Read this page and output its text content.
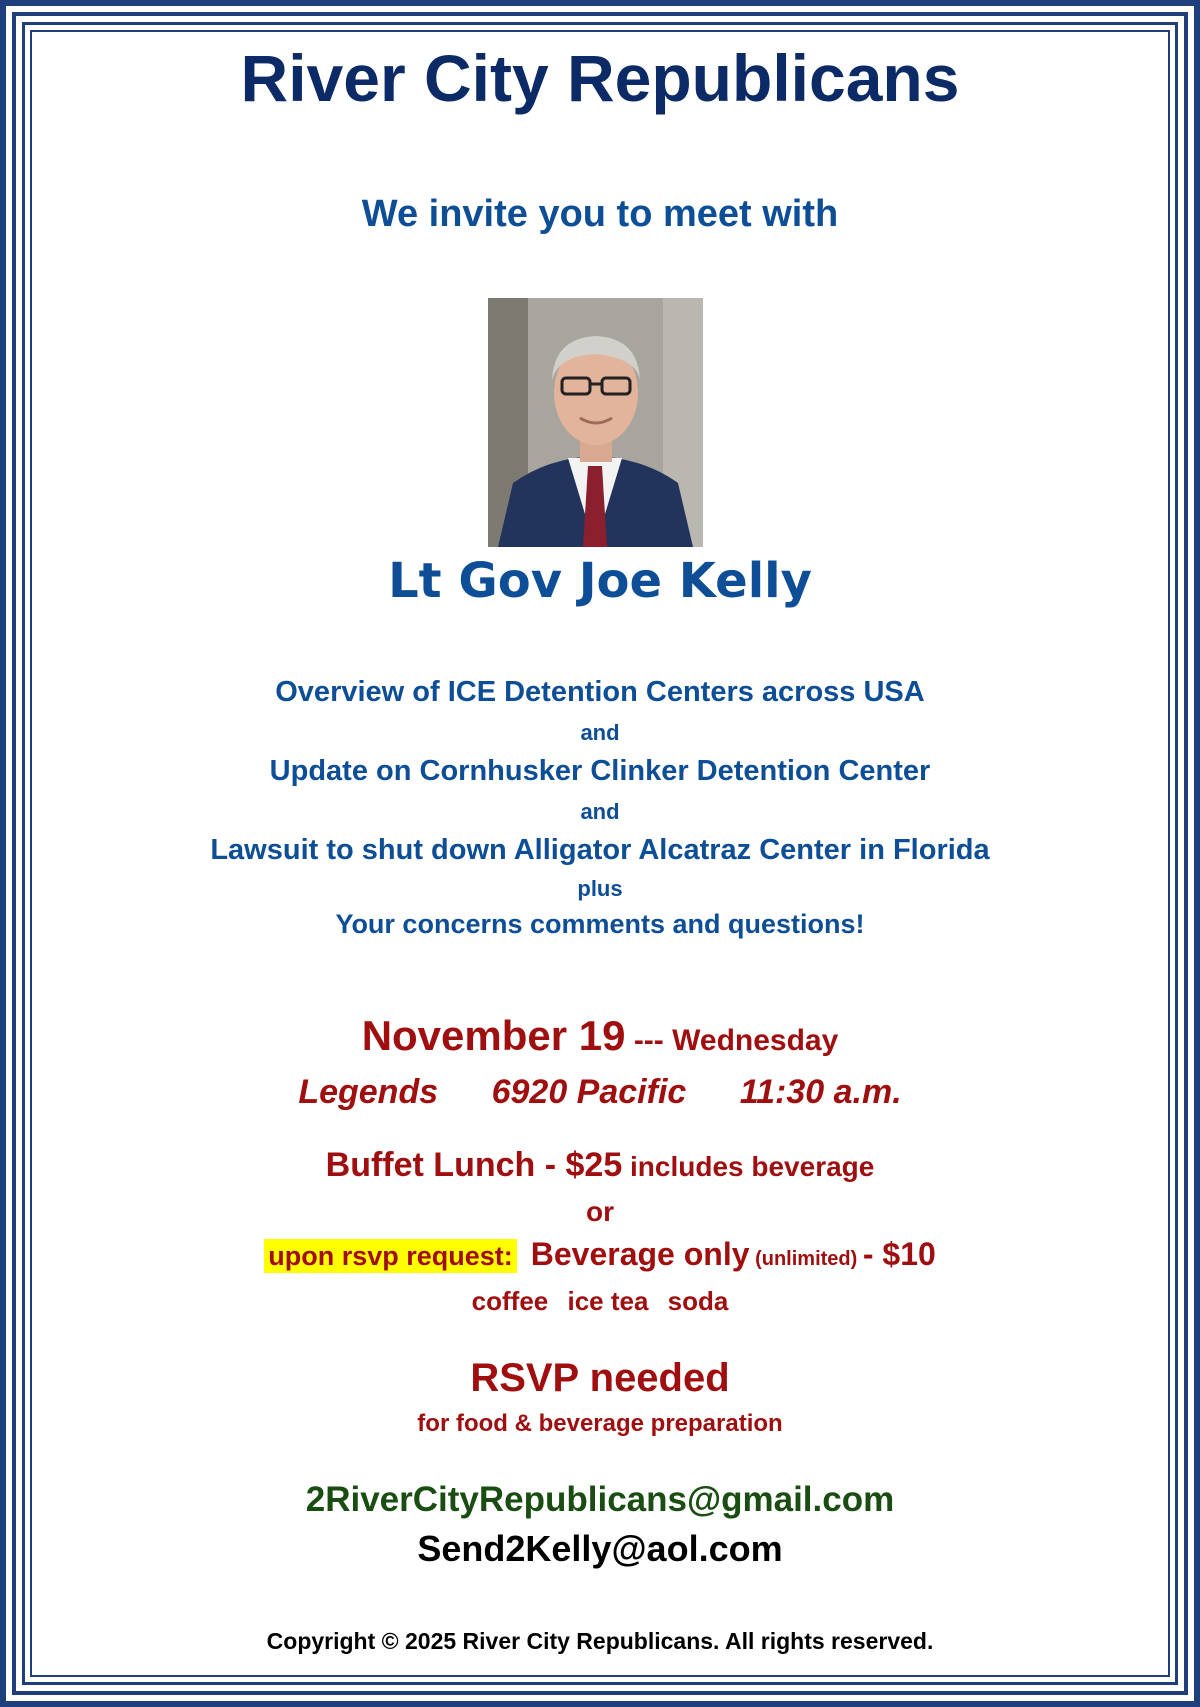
River City Republicans
We invite you to meet with
Lt Gov Joe Kelly
Overview of ICE Detention Centers across USA
and
Update on Cornhusker Clinker Detention Center
and
Lawsuit to shut down Alligator Alcatraz Center in Florida
plus
Your concerns comments and questions!
November 19 --- Wednesday
Legends 6920 Pacific 11:30 a.m.
Buffet Lunch - $25 includes beverage
or
upon rsvp request: Beverage only (unlimited) - $10
coffee ice tea soda
RSVP needed
for food & beverage preparation
2RiverCityRepublicans@gmail.com
Send2Kelly@aol.com
Copyright © 2025 River City Republicans. All rights reserved.
